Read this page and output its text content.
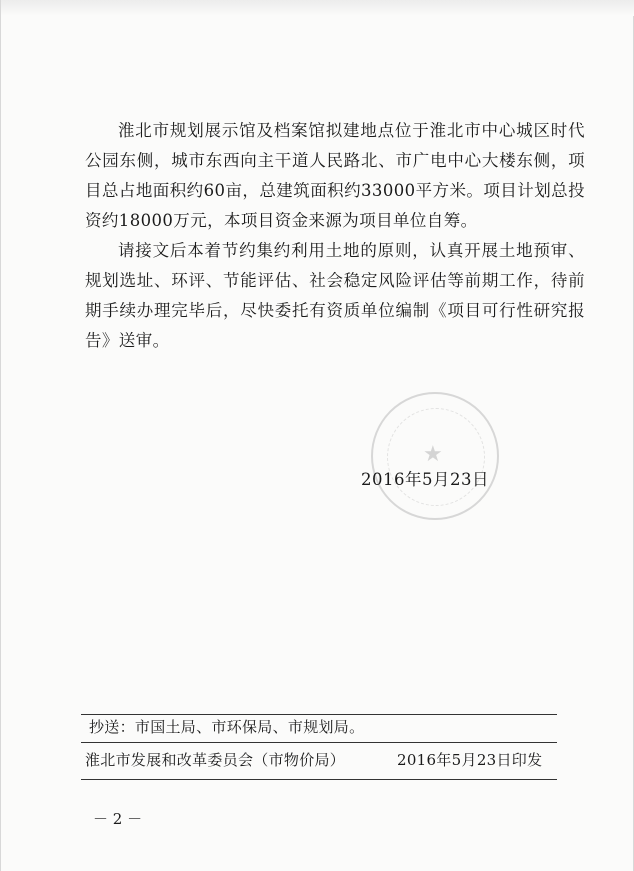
淮北市规划展示馆及档案馆拟建地点位于淮北市中心城区时代公园东侧，城市东西向主干道人民路北、市广电中心大楼东侧，项目总占地面积约60亩，总建筑面积约33000平方米。项目计划总投资约18000万元，本项目资金来源为项目单位自筹。

请接文后本着节约集约利用土地的原则，认真开展土地预审、规划选址、环评、节能评估、社会稳定风险评估等前期工作，待前期手续办理完毕后，尽快委托有资质单位编制《项目可行性研究报告》送审。

★
2016年5月23日
抄送：市国土局、市环保局、市规划局。
淮北市发展和改革委员会（市物价局）	2016年5月23日印发
－ 2 －
